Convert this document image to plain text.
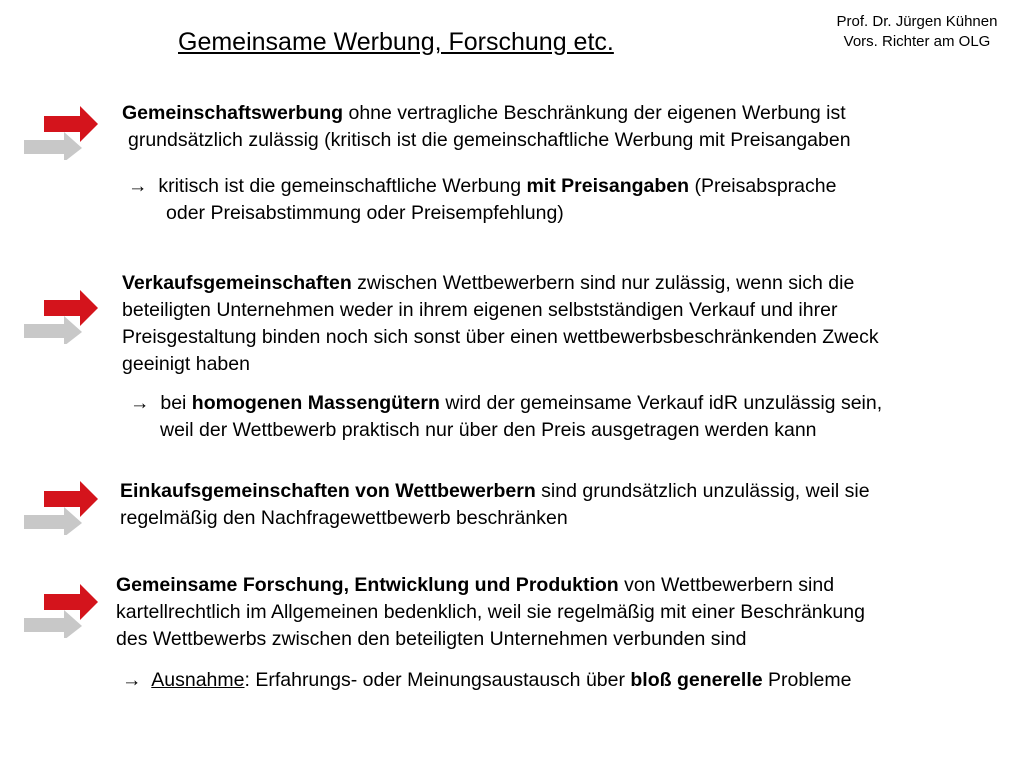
Prof. Dr. Jürgen Kühnen
Vors. Richter am OLG
Gemeinsame Werbung, Forschung etc.

Gemeinschaftswerbung ohne vertragliche Beschränkung der eigenen Werbung ist

grundsätzlich zulässig (kritisch ist die gemeinschaftliche Werbung mit Preisangaben

→ kritisch ist die gemeinschaftliche Werbung mit Preisangaben (Preisabsprache

oder Preisabstimmung oder Preisempfehlung)

Verkaufsgemeinschaften zwischen Wettbewerbern sind nur zulässig, wenn sich die

beteiligten Unternehmen weder in ihrem eigenen selbstständigen Verkauf und ihrer

Preisgestaltung binden noch sich sonst über einen wettbewerbsbeschränkenden Zweck

geeinigt haben

→ bei homogenen Massengütern wird der gemeinsame Verkauf idR unzulässig sein,

weil der Wettbewerb praktisch nur über den Preis ausgetragen werden kann

Einkaufsgemeinschaften von Wettbewerbern sind grundsätzlich unzulässig, weil sie

regelmäßig den Nachfragewettbewerb beschränken

Gemeinsame Forschung, Entwicklung und Produktion von Wettbewerbern sind

kartellrechtlich im Allgemeinen bedenklich, weil sie regelmäßig mit einer Beschränkung

des Wettbewerbs zwischen den beteiligten Unternehmen verbunden sind

→ Ausnahme: Erfahrungs- oder Meinungsaustausch über bloß generelle Probleme
